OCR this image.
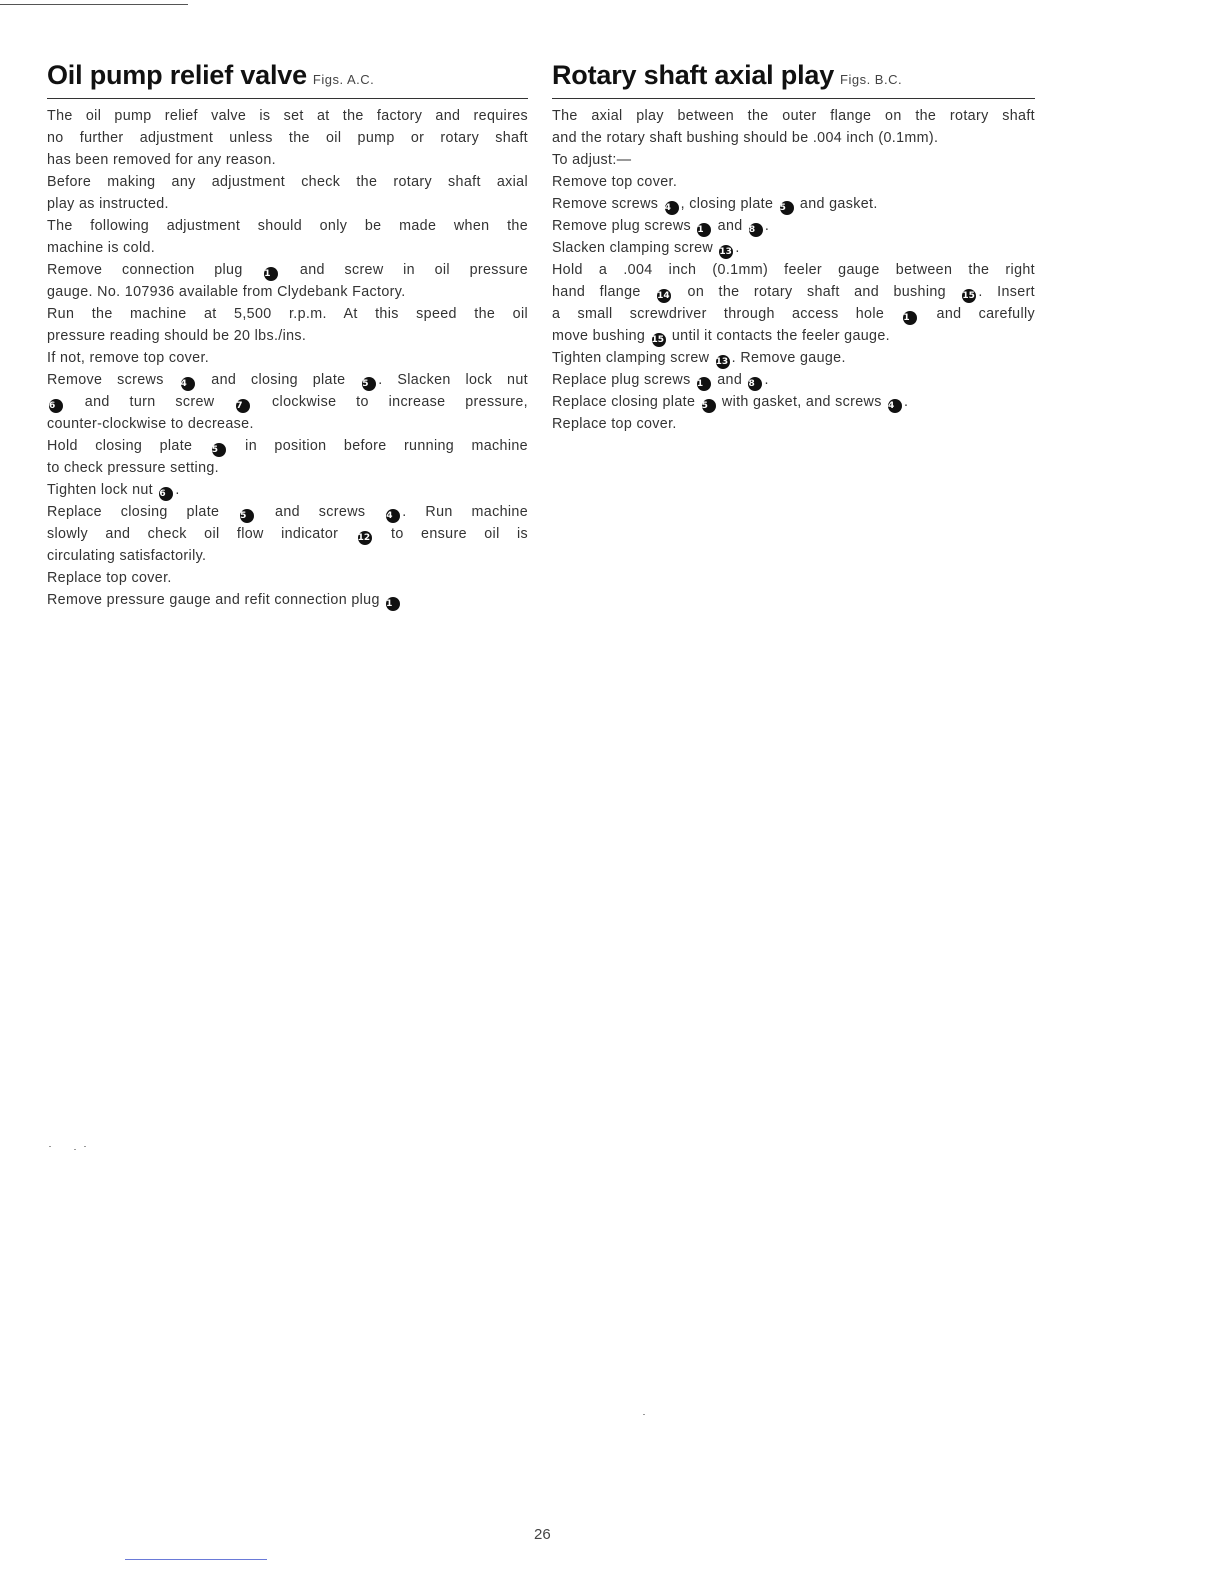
Oil pump relief valve Figs. A.C.
The oil pump relief valve is set at the factory and requires
no further adjustment unless the oil pump or rotary shaft
has been removed for any reason.
Before making any adjustment check the rotary shaft axial
play as instructed.
The following adjustment should only be made when the
machine is cold.
Remove connection plug 1 and screw in oil pressure
gauge. No. 107936 available from Clydebank Factory.
Run the machine at 5,500 r.p.m. At this speed the oil
pressure reading should be 20 lbs./ins.
If not, remove top cover.
Remove screws 4 and closing plate 5 . Slacken lock nut
6 and turn screw 7 clockwise to increase pressure,
counter-clockwise to decrease.
Hold closing plate 5 in position before running machine
to check pressure setting.
Tighten lock nut 6 .
Replace closing plate 5 and screws 4 . Run machine
slowly and check oil flow indicator 12 to ensure oil is
circulating satisfactorily.
Replace top cover.
Remove pressure gauge and refit connection plug 1
Rotary shaft axial play Figs. B.C.
The axial play between the outer flange on the rotary shaft
and the rotary shaft bushing should be .004 inch (0.1mm).
To adjust:—
Remove top cover.
Remove screws 4 , closing plate 5 and gasket.
Remove plug screws 1 and 8 .
Slacken clamping screw 13 .
Hold a .004 inch (0.1mm) feeler gauge between the right
hand flange 14 on the rotary shaft and bushing 15 . Insert
a small screwdriver through access hole 1 and carefully
move bushing 15 until it contacts the feeler gauge.
Tighten clamping screw 13 . Remove gauge.
Replace plug screws 1 and 8 .
Replace closing plate 5 with gasket, and screws 4 .
Replace top cover.
26
